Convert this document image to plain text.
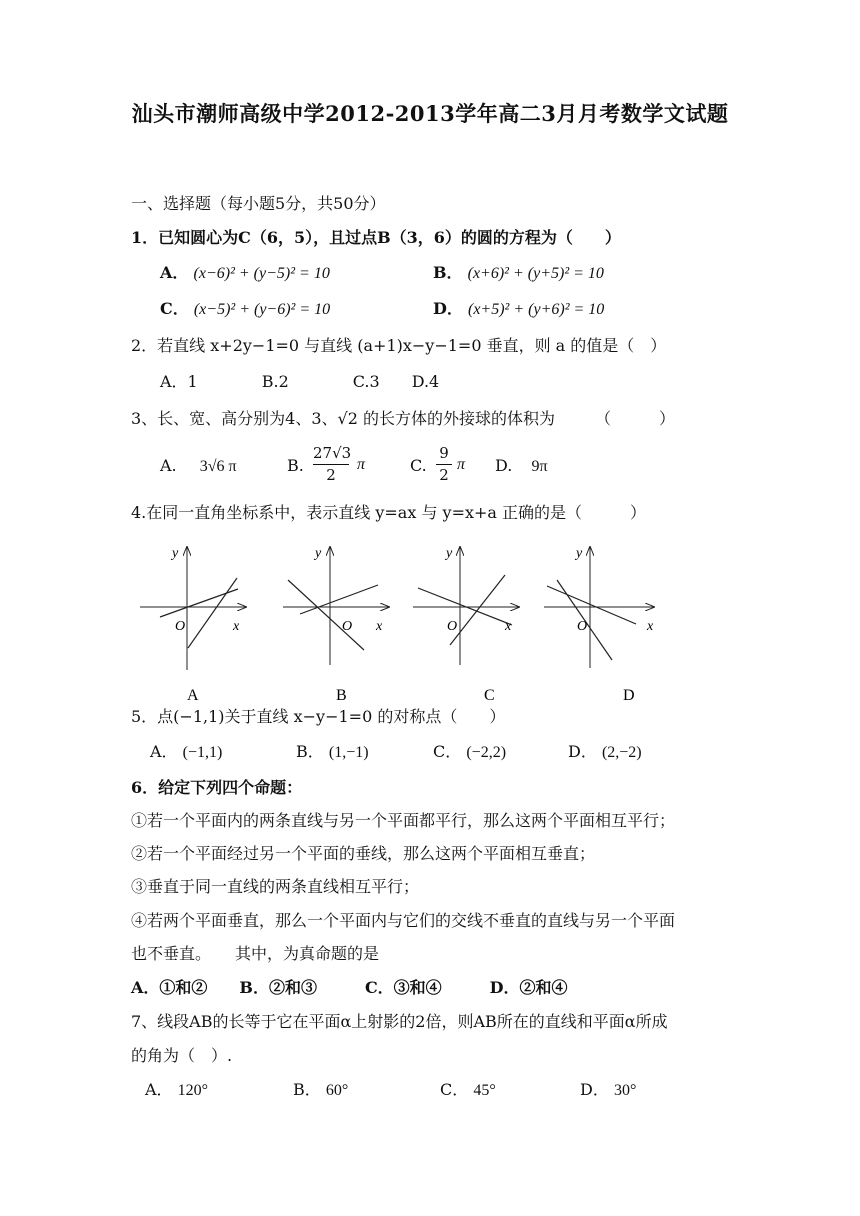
汕头市潮师高级中学2012-2013学年高二3月月考数学文试题
一、选择题（每小题5分，共50分）
1．已知圆心为C（6，5），且过点B（3，6）的圆的方程为（　　）
A． (x−6)² + (y−5)² = 10	B． (x+6)² + (y+5)² = 10
C． (x−5)² + (y−6)² = 10	D． (x+5)² + (y+6)² = 10
2．若直线 x+2y−1=0 与直线 (a+1)x−y−1=0 垂直，则 a 的值是（　）
A．1　　　　B.2　　　　C.3　　D.4
3、长、宽、高分别为4、3、√2 的长方体的外接球的体积为　　　（　　　）
A. 3√6 π	B.
27√3
2
π	C.
9
2
π D. 9π
4.在同一直角坐标系中，表示直线 y=ax 与 y=x+a 正确的是（　　　）
y
O	x
y
O x
y
O	x
y
O	x
A	B	C	D
5．点(−1,1)关于直线 x−y−1=0 的对称点（　　）
A． (−1,1)	B． (1,−1)	C． (−2,2)	D． (2,−2)
6．给定下列四个命题：
①若一个平面内的两条直线与另一个平面都平行，那么这两个平面相互平行；
②若一个平面经过另一个平面的垂线，那么这两个平面相互垂直；
③垂直于同一直线的两条直线相互平行；
④若两个平面垂直，那么一个平面内与它们的交线不垂直的直线与另一个平面
也不垂直。　　其中，为真命题的是
A．①和②　　B．②和③　　　C．③和④　　　D．②和④
7、线段AB的长等于它在平面α上射影的2倍，则AB所在的直线和平面α所成
的角为（　）.
A． 120°	B． 60°	C． 45°	D． 30°
